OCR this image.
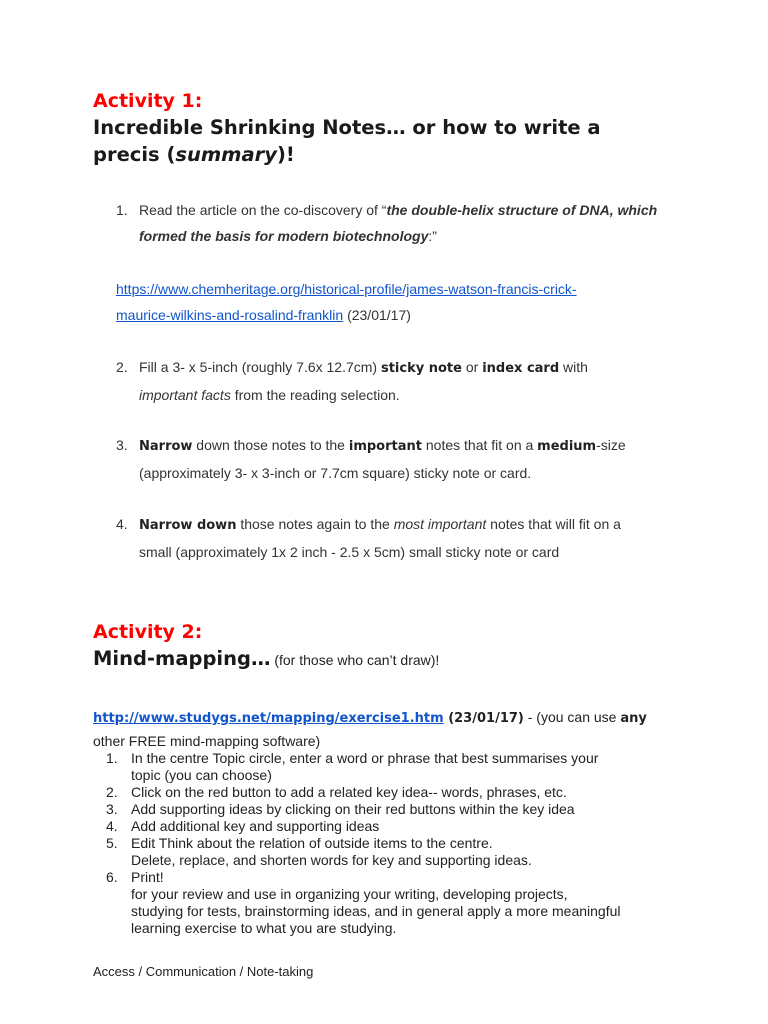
Activity 1:

Incredible Shrinking Notes… or how to write a precis (summary)!

1. Read the article on the co-discovery of “the double-helix structure of DNA, which formed the basis for modern biotechnology:”
https://www.chemheritage.org/historical-profile/james-watson-francis-crick-
maurice-wilkins-and-rosalind-franklin (23/01/17)
2. Fill a 3- x 5-inch (roughly 7.6x 12.7cm) sticky note or index card with
important facts from the reading selection.
3. Narrow down those notes to the important notes that fit on a medium-size
(approximately 3- x 3-inch or 7.7cm square) sticky note or card.
4. Narrow down those notes again to the most important notes that will fit on a
small (approximately 1x 2 inch - 2.5 x 5cm) small sticky note or card
Activity 2:
Mind-mapping… (for those who can’t draw)!
http://www.studygs.net/mapping/exercise1.htm (23/01/17) - (you can use any
other FREE mind-mapping software)
1. In the centre Topic circle, enter a word or phrase that best summarises your
topic (you can choose)
2. Click on the red button to add a related key idea-- words, phrases, etc.
3. Add supporting ideas by clicking on their red buttons within the key idea
4. Add additional key and supporting ideas
5. Edit Think about the relation of outside items to the centre.
Delete, replace, and shorten words for key and supporting ideas.
6. Print!
for your review and use in organizing your writing, developing projects,
studying for tests, brainstorming ideas, and in general apply a more meaningful
learning exercise to what you are studying.
Access / Communication / Note-taking
